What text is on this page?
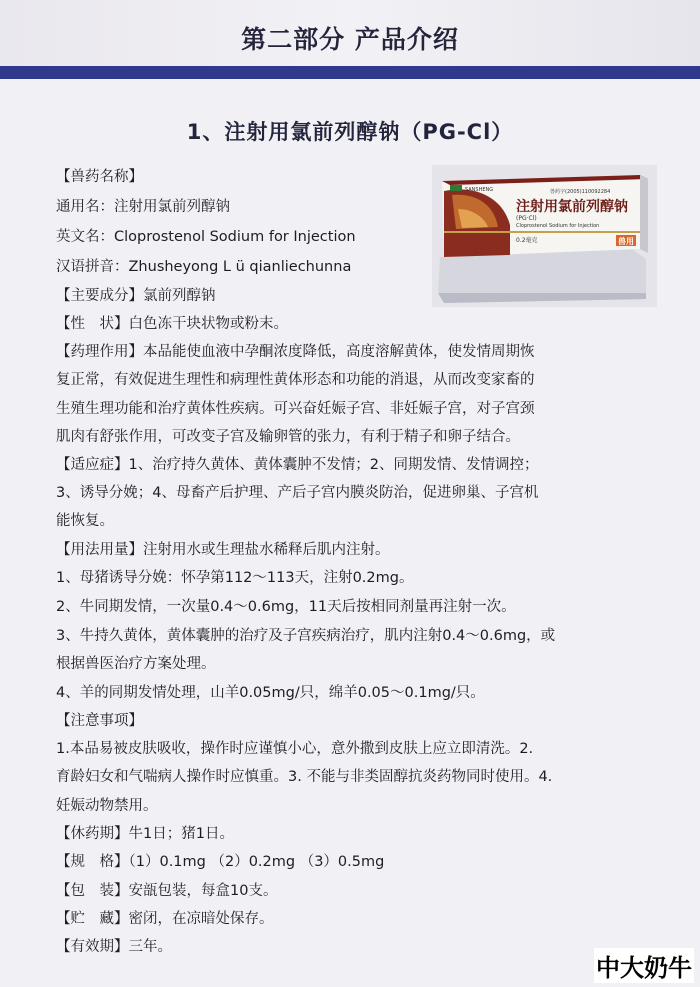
第二部分 产品介绍
1、注射用氯前列醇钠（PG-Cl）
SANSHENG	兽药字(2005)110092284
注射用氯前列醇钠
(PG·Cl)
Cloprostenol Sodium for Injection
0.2毫克	兽用
【兽药名称】
通用名：注射用氯前列醇钠
英文名：Cloprostenol Sodium for Injection
汉语拼音：Zhusheyong L ü qianliechunna
【主要成分】氯前列醇钠
【性　状】白色冻干块状物或粉末。
【药理作用】本品能使血液中孕酮浓度降低，高度溶解黄体，使发情周期恢
复正常，有效促进生理性和病理性黄体形态和功能的消退，从而改变家畜的
生殖生理功能和治疗黄体性疾病。可兴奋妊娠子宫、非妊娠子宫，对子宫颈
肌肉有舒张作用，可改变子宫及输卵管的张力，有利于精子和卵子结合。
【适应症】1、治疗持久黄体、黄体囊肿不发情；2、同期发情、发情调控；
3、诱导分娩；4、母畜产后护理、产后子宫内膜炎防治，促进卵巢、子宫机
能恢复。
【用法用量】注射用水或生理盐水稀释后肌内注射。
1、母猪诱导分娩：怀孕第112～113天，注射0.2mg。
2、牛同期发情，一次量0.4～0.6mg，11天后按相同剂量再注射一次。
3、牛持久黄体，黄体囊肿的治疗及子宫疾病治疗，肌内注射0.4～0.6mg，或
根据兽医治疗方案处理。
4、羊的同期发情处理，山羊0.05mg/只，绵羊0.05～0.1mg/只。
【注意事项】
1.本品易被皮肤吸收，操作时应谨慎小心，意外撒到皮肤上应立即清洗。2.
育龄妇女和气喘病人操作时应慎重。3. 不能与非类固醇抗炎药物同时使用。4.
妊娠动物禁用。
【休药期】牛1日；猪1日。
【规　格】（1）0.1mg （2）0.2mg （3）0.5mg
【包　装】安瓿包装，每盒10支。
【贮　藏】密闭，在凉暗处保存。
【有效期】三年。
中大奶牛
